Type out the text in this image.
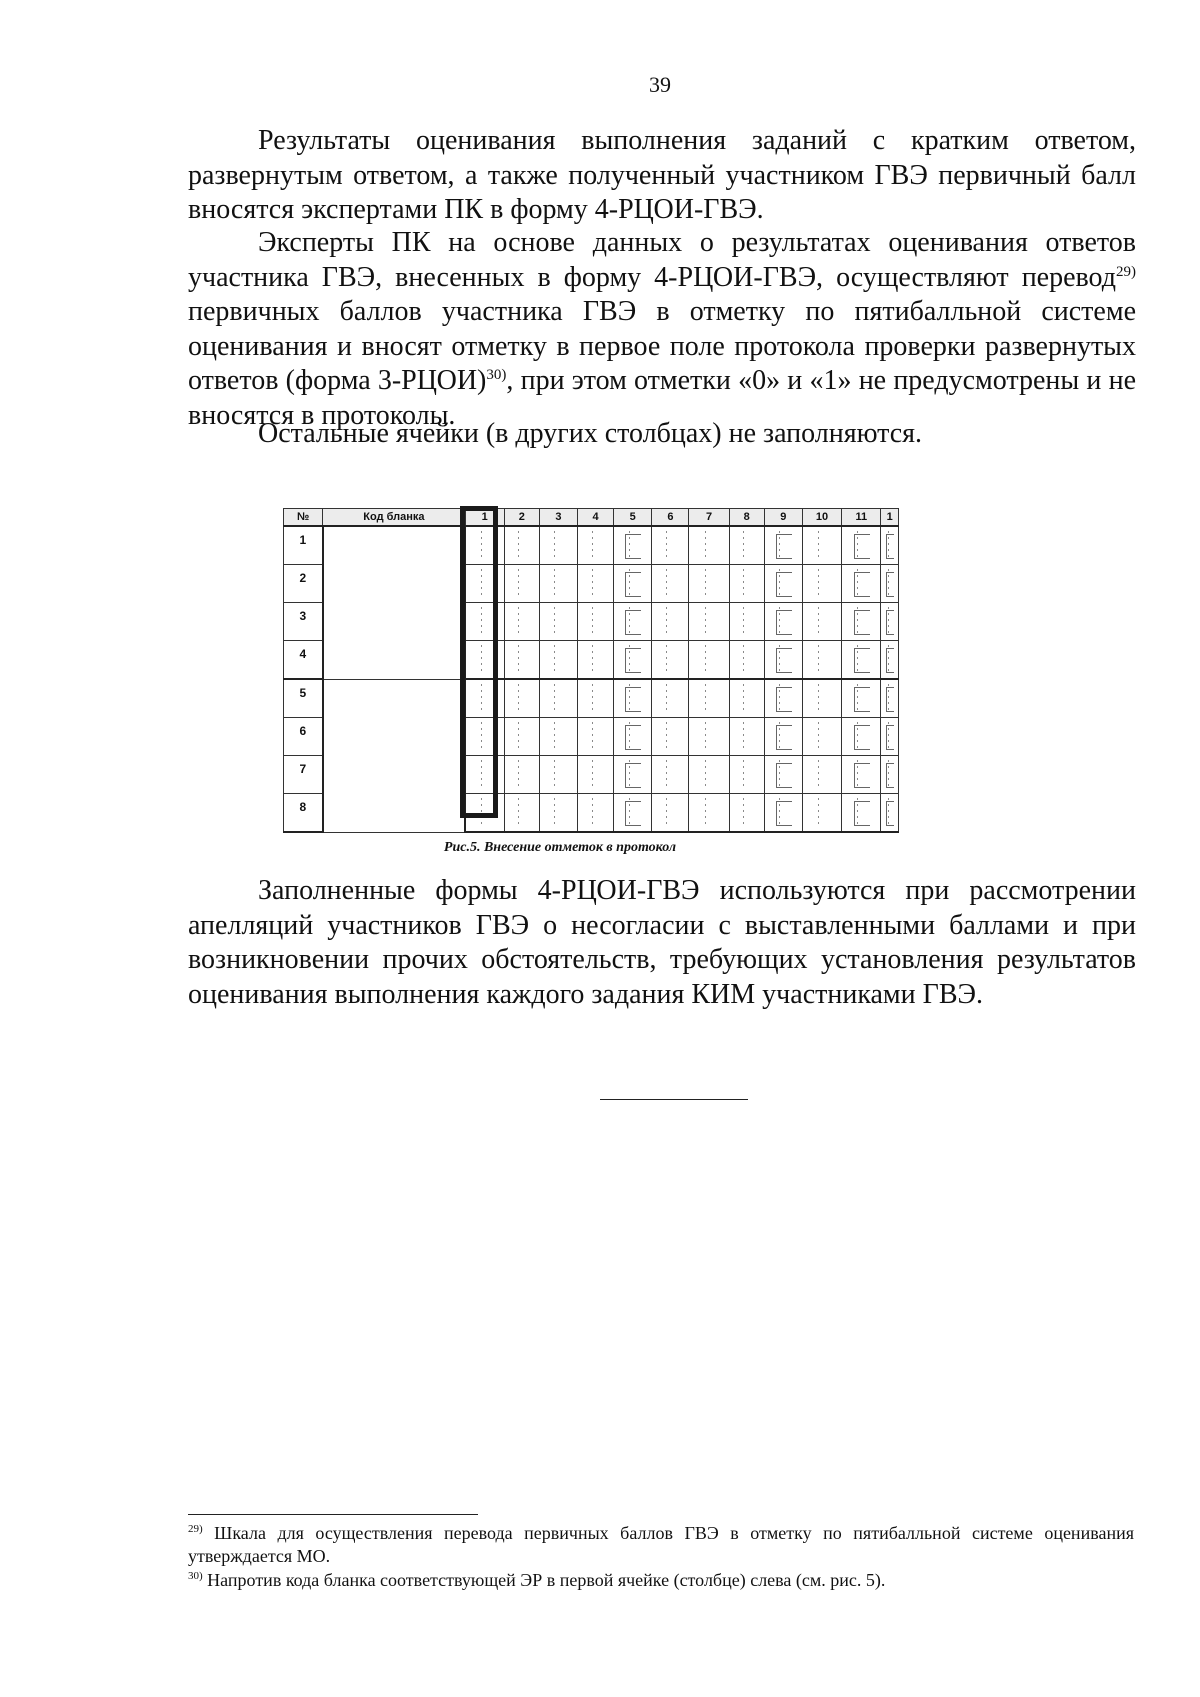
39

Результаты оценивания выполнения заданий с кратким ответом, развернутым ответом, а также полученный участником ГВЭ первичный балл вносятся экспертами ПК в форму 4-РЦОИ-ГВЭ.

Эксперты ПК на основе данных о результатах оценивания ответов участника ГВЭ, внесенных в форму 4-РЦОИ-ГВЭ, осуществляют перевод$^{29)}$ первичных баллов участника ГВЭ в отметку по пятибалльной системе оценивания и вносят отметку в первое поле протокола проверки развернутых ответов (форма 3-РЦОИ)$^{30)}$, при этом отметки «0» и «1» не предусмотрены и не вносятся в протоколы.

Остальные ячейки (в других столбцах) не заполняются.

№	Код бланка	1	2	3	4	5	6	7	8	9	10	11	1
1													
2													
3													
4													
5													
6													
7													
8													
Рис.5. Внесение отметок в протокол

Заполненные формы 4-РЦОИ-ГВЭ используются при рассмотрении апелляций участников ГВЭ о несогласии с выставленными баллами и при возникновении прочих обстоятельств, требующих установления результатов оценивания выполнения каждого задания КИМ участниками ГВЭ.

$^{29)}$ Шкала для осуществления перевода первичных баллов ГВЭ в отметку по пятибалльной системе оценивания утверждается МО.

$^{30)}$ Напротив кода бланка соответствующей ЭР в первой ячейке (столбце) слева (см. рис. 5).
